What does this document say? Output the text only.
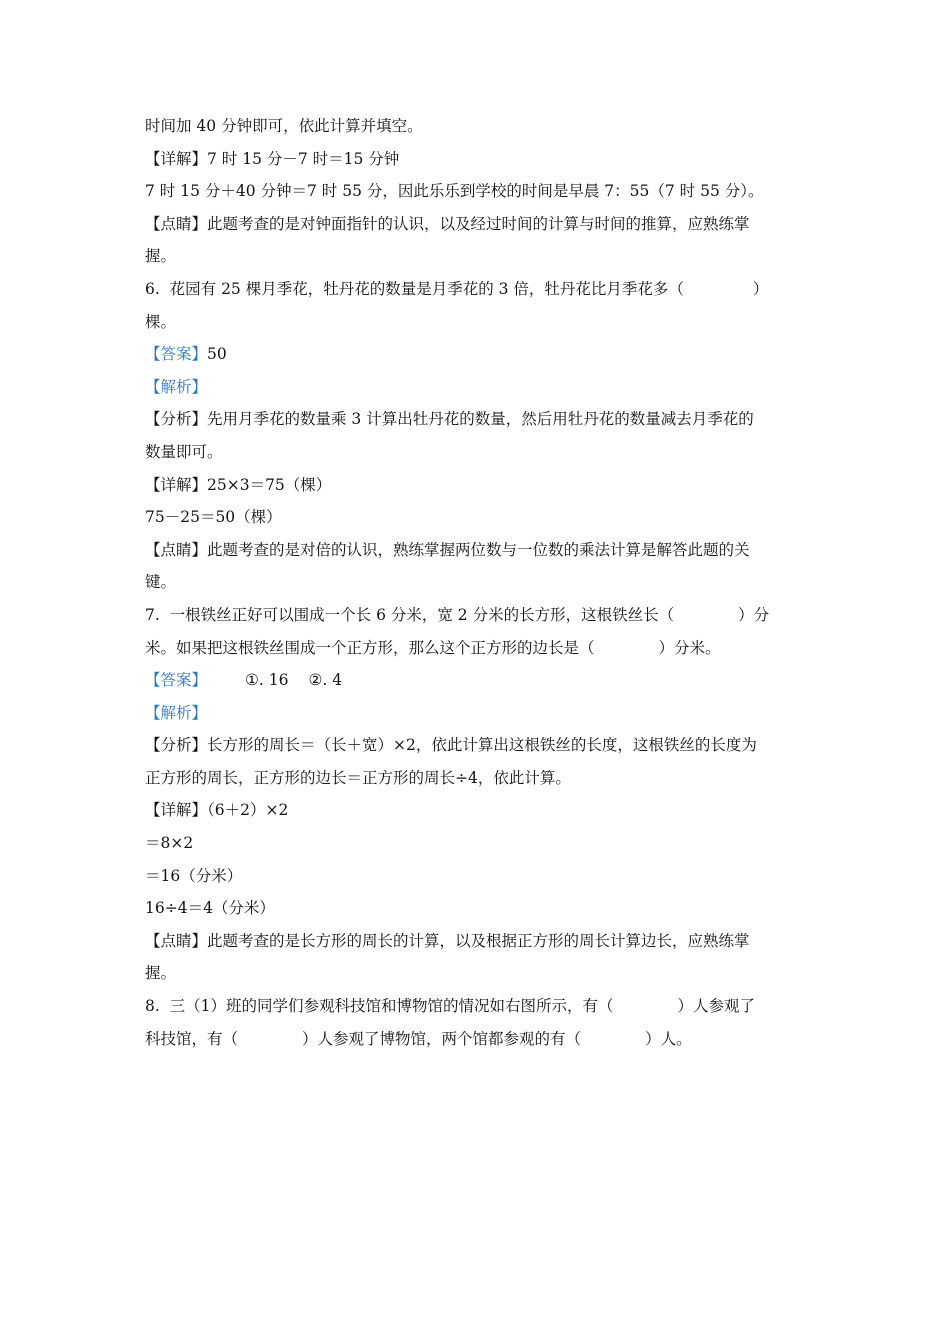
时间加 40 分钟即可，依此计算并填空。
【详解】7 时 15 分－7 时＝15 分钟
7 时 15 分＋40 分钟＝7 时 55 分，因此乐乐到学校的时间是早晨 7：55（7 时 55 分）。
【点睛】此题考查的是对钟面指针的认识，以及经过时间的计算与时间的推算，应熟练掌
握。
6.  花园有 25 棵月季花，牡丹花的数量是月季花的 3 倍，牡丹花比月季花多（              ）
棵。
【答案】50
【解析】
【分析】先用月季花的数量乘 3 计算出牡丹花的数量，然后用牡丹花的数量减去月季花的
数量即可。
【详解】25×3＝75（棵）
75－25＝50（棵）
【点睛】此题考查的是对倍的认识，熟练掌握两位数与一位数的乘法计算是解答此题的关
键。
7.  一根铁丝正好可以围成一个长 6 分米，宽 2 分米的长方形，这根铁丝长（             ）分
米。如果把这根铁丝围成一个正方形，那么这个正方形的边长是（             ）分米。
【答案】 ①. 16 ②. 4
【解析】
【分析】长方形的周长＝（长＋宽）×2，依此计算出这根铁丝的长度，这根铁丝的长度为
正方形的周长，正方形的边长＝正方形的周长÷4，依此计算。
【详解】（6＋2）×2
＝8×2
＝16（分米）
16÷4＝4（分米）
【点睛】此题考查的是长方形的周长的计算，以及根据正方形的周长计算边长，应熟练掌
握。
8.  三（1）班的同学们参观科技馆和博物馆的情况如右图所示，有（             ）人参观了
科技馆，有（             ）人参观了博物馆，两个馆都参观的有（             ）人。
